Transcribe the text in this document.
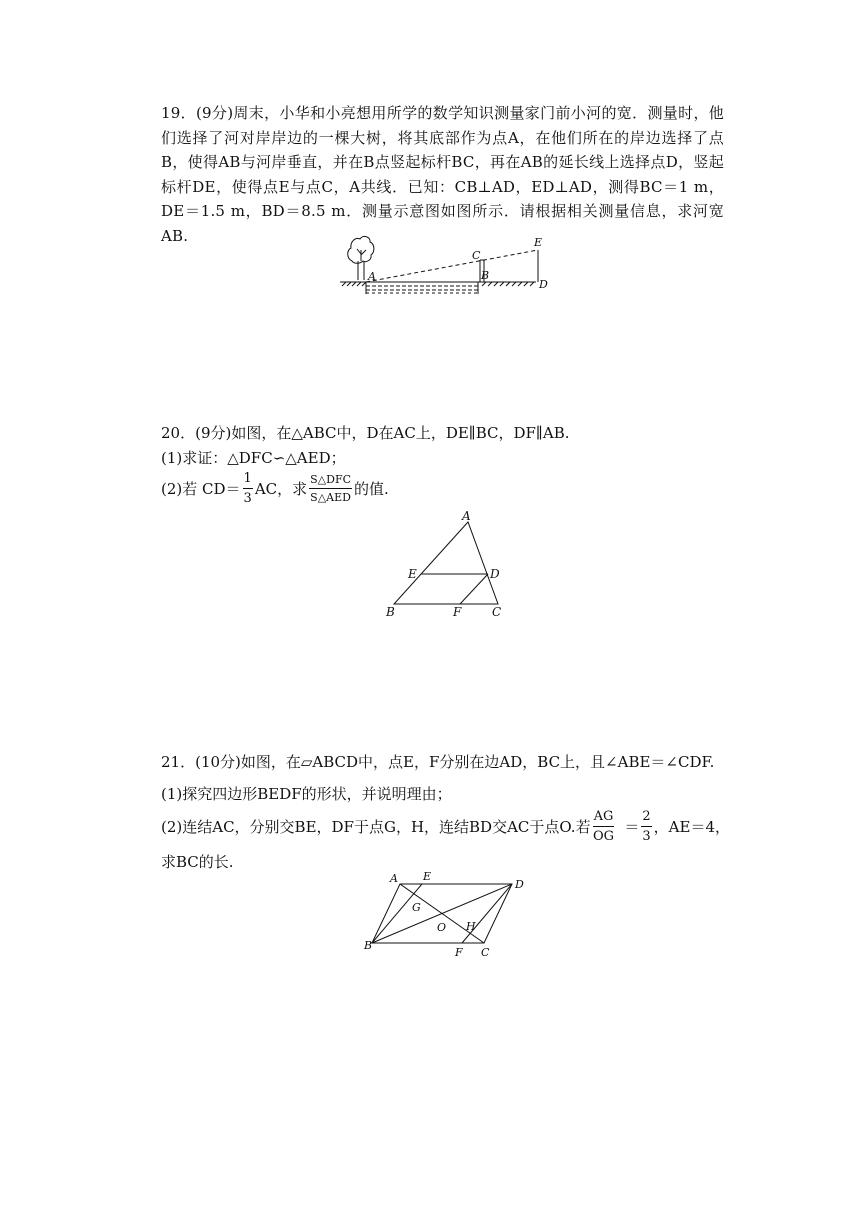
19．(9分)周末，小华和小亮想用所学的数学知识测量家门前小河的宽．测量时，他们选择了河对岸岸边的一棵大树，将其底部作为点A，在他们所在的岸边选择了点B，使得AB与河岸垂直，并在B点竖起标杆BC，再在AB的延长线上选择点D，竖起标杆DE，使得点E与点C，A共线．已知：CB⊥AD，ED⊥AD，测得BC＝1 m，DE＝1.5 m，BD＝8.5 m．测量示意图如图所示．请根据相关测量信息，求河宽AB.
A
C
B
E
D
20．(9分)如图，在△ABC中，D在AC上，DE∥BC，DF∥AB.
(1)求证：△DFC∽△AED；
(2)若 $CD= \frac{1}{3}$ AC，求 $\frac{\text{S△DFC}}{\text{S△AED}}$ 的值.
A
E	D
B	F	C
21．(10分)如图，在▱ABCD中，点E，F分别在边AD，BC上，且∠ABE＝∠CDF.
(1)探究四边形BEDF的形状，并说明理由；
(2)连结AC，分别交BE，DF于点G，H，连结BD交AC于点O.若 $\frac{AG}{OG} = \frac{2}{3}$ ，AE＝4，
求BC的长.
A E
D
G
O H
B
F C
